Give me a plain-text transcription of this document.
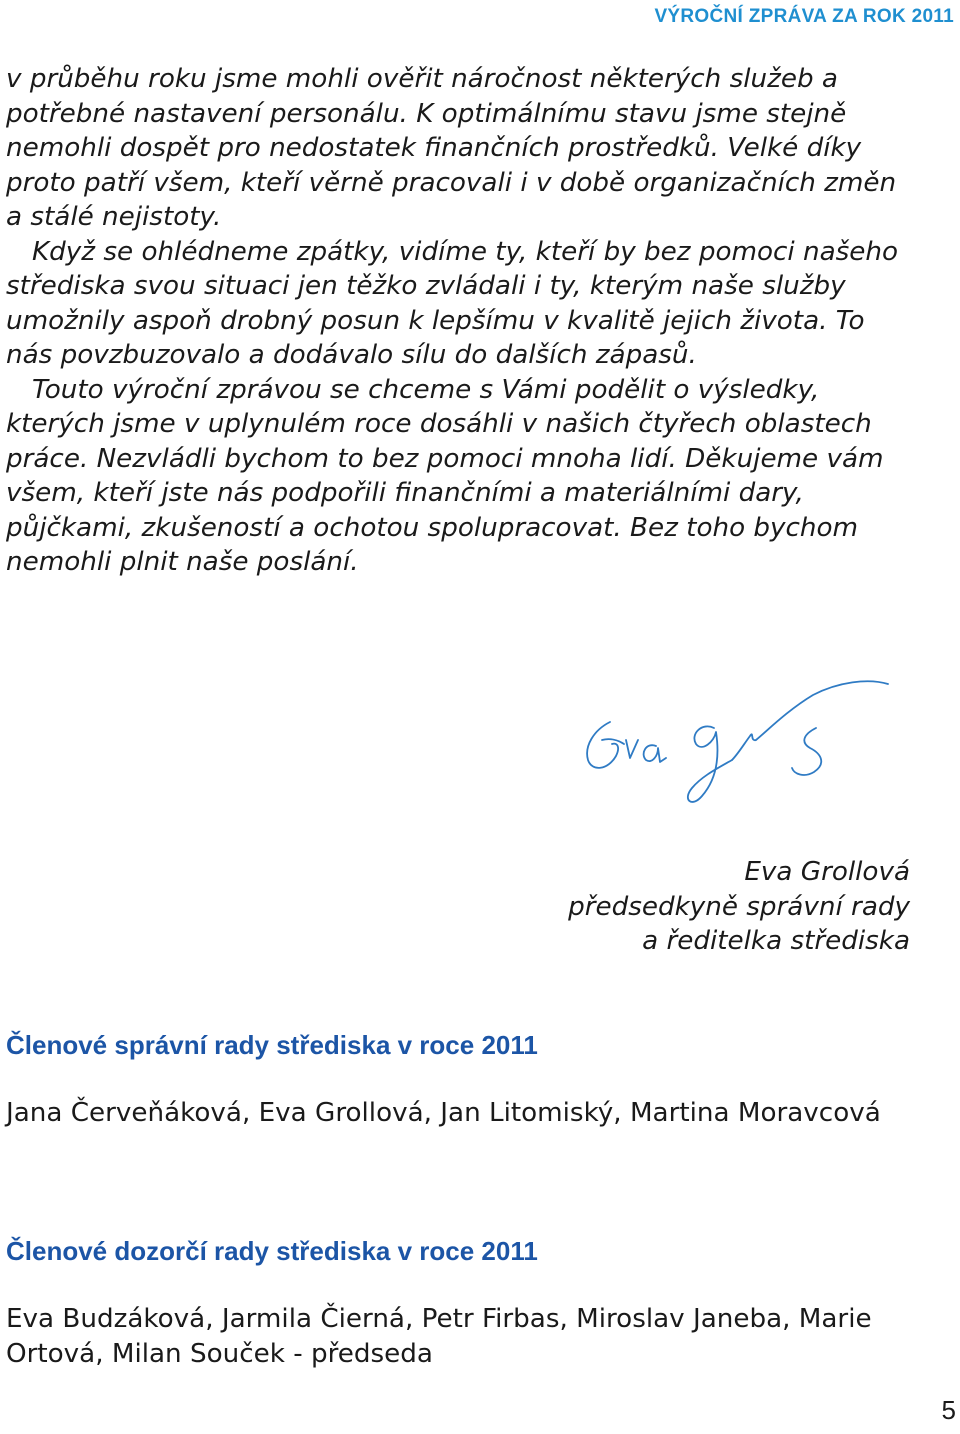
VÝROČNÍ ZPRÁVA ZA ROK 2011

v průběhu roku jsme mohli ověřit náročnost některých služeb a potřebné nastavení personálu. K optimálnímu stavu jsme stejně nemohli dospět pro nedostatek finančních prostředků. Velké díky proto patří všem, kteří věrně pracovali i v době organizačních změn a stálé nejistoty.

Když se ohlédneme zpátky, vidíme ty, kteří by bez pomoci našeho střediska svou situaci jen těžko zvládali i ty, kterým naše služby umožnily aspoň drobný posun k lepšímu v kvalitě jejich života. To nás povzbuzovalo a dodávalo sílu do dalších zápasů.

Touto výroční zprávou se chceme s Vámi podělit o výsledky, kterých jsme v uplynulém roce dosáhli v našich čtyřech oblastech práce. Nezvládli bychom to bez pomoci mnoha lidí. Děkujeme vám všem, kteří jste nás podpořili finančními a materiálními dary, půjčkami, zkušeností a ochotou spolupracovat. Bez toho bychom nemohli plnit naše poslání.

Eva Grollová
předsedkyně správní rady
a ředitelka střediska
Členové správní rady střediska v roce 2011
Jana Červeňáková, Eva Grollová, Jan Litomiský, Martina Moravcová
Členové dozorčí rady střediska v roce 2011
Eva Budzáková, Jarmila Čierná, Petr Firbas, Miroslav Janeba, Marie Ortová, Milan Souček - předseda
5
